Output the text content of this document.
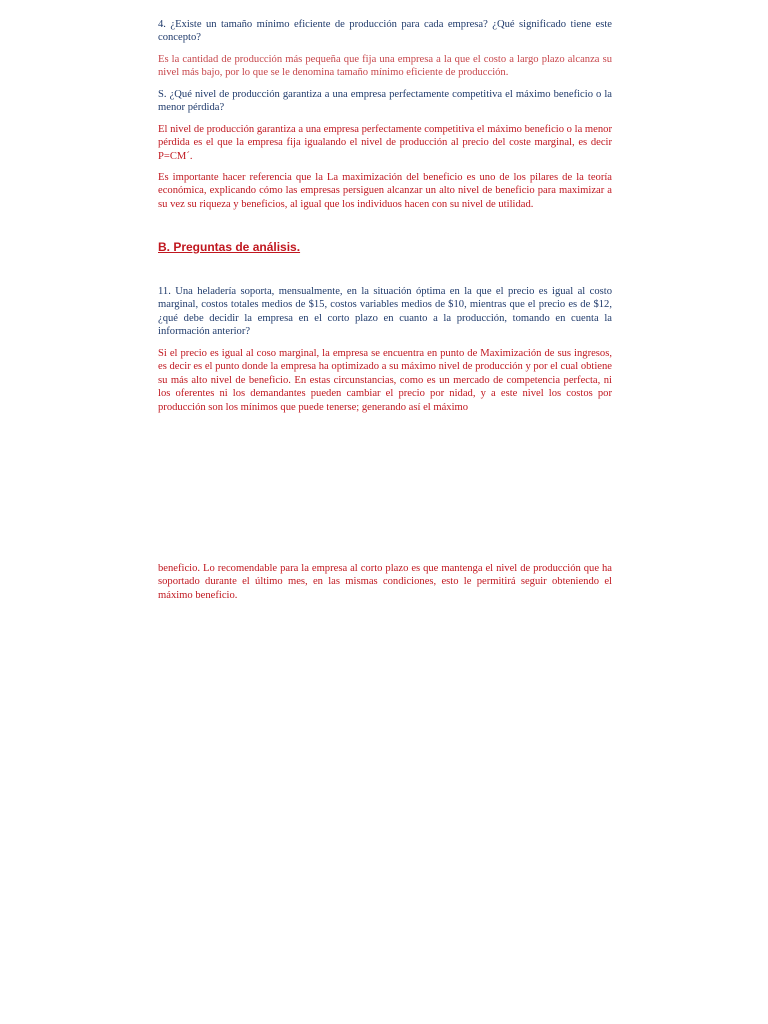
4. ¿Existe un tamaño mínimo eficiente de producción para cada empresa? ¿Qué significado tiene este concepto?

Es la cantidad de producción más pequeña que fija una empresa a la que el costo a largo plazo alcanza su nivel más bajo, por lo que se le denomina tamaño mínimo eficiente de producción.

S. ¿Qué nivel de producción garantiza a una empresa perfectamente competitiva el máximo beneficio o la menor pérdida?

El nivel de producción garantiza a una empresa perfectamente competitiva el máximo beneficio o la menor pérdida es el que la empresa fija igualando el nivel de producción al precio del coste marginal, es decir P=CM´.

Es importante hacer referencia que la La maximización del beneficio es uno de los pilares de la teoría económica, explicando cómo las empresas persiguen alcanzar un alto nivel de beneficio para maximizar a su vez su riqueza y beneficios, al igual que los individuos hacen con su nivel de utilidad.

B. Preguntas de análisis.

11. Una heladería soporta, mensualmente, en la situación óptima en la que el precio es igual al costo marginal, costos totales medios de $15, costos variables medios de $10, mientras que el precio es de $12, ¿qué debe decidir la empresa en el corto plazo en cuanto a la producción, tomando en cuenta la información anterior?

Si el precio es igual al coso marginal, la empresa se encuentra en punto de Maximización de sus ingresos, es decir es el punto donde la empresa ha optimizado a su máximo nivel de producción y por el cual obtiene su más alto nivel de beneficio. En estas circunstancias, como es un mercado de competencia perfecta, ni los oferentes ni los demandantes pueden cambiar el precio por nidad, y a este nivel los costos por producción son los mínimos que puede tenerse; generando así el máximo

beneficio. Lo recomendable para la empresa al corto plazo es que mantenga el nivel de producción que ha soportado durante el último mes, en las mismas condiciones, esto le permitirá seguir obteniendo el máximo beneficio.
